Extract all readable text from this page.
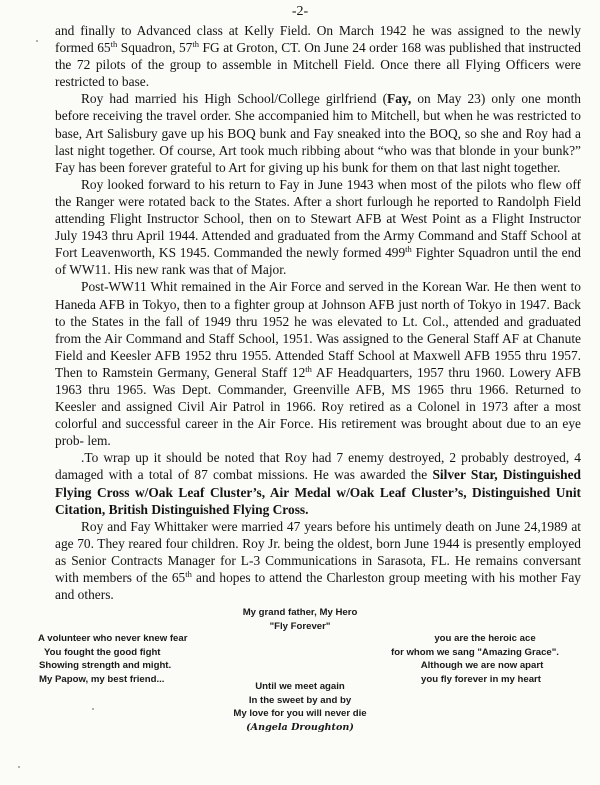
-2-

and finally to Advanced class at Kelly Field. On March 1942 he was assigned to the newly formed 65th Squadron, 57th FG at Groton, CT. On June 24 order 168 was published that instructed the 72 pilots of the group to assemble in Mitchell Field. Once there all Flying Officers were restricted to base.

Roy had married his High School/College girlfriend (Fay, on May 23) only one month before receiving the travel order. She accompanied him to Mitchell, but when he was restricted to base, Art Salisbury gave up his BOQ bunk and Fay sneaked into the BOQ, so she and Roy had a last night together. Of course, Art took much ribbing about “who was that blonde in your bunk?” Fay has been forever grateful to Art for giving up his bunk for them on that last night together.

Roy looked forward to his return to Fay in June 1943 when most of the pilots who flew off the Ranger were rotated back to the States. After a short furlough he reported to Randolph Field attending Flight Instructor School, then on to Stewart AFB at West Point as a Flight Instructor July 1943 thru April 1944. Attended and graduated from the Army Command and Staff School at Fort Leavenworth, KS 1945. Commanded the newly formed 499th Fighter Squadron until the end of WW11. His new rank was that of Major.

Post-WW11 Whit remained in the Air Force and served in the Korean War. He then went to Haneda AFB in Tokyo, then to a fighter group at Johnson AFB just north of Tokyo in 1947. Back to the States in the fall of 1949 thru 1952 he was elevated to Lt. Col., attended and graduated from the Air Command and Staff School, 1951. Was assigned to the General Staff AF at Chanute Field and Keesler AFB 1952 thru 1955. Attended Staff School at Maxwell AFB 1955 thru 1957. Then to Ramstein Germany, General Staff 12th AF Headquarters, 1957 thru 1960. Lowery AFB 1963 thru 1965. Was Dept. Commander, Greenville AFB, MS 1965 thru 1966. Returned to Keesler and assigned Civil Air Patrol in 1966. Roy retired as a Colonel in 1973 after a most colorful and successful career in the Air Force. His retirement was brought about due to an eye prob- lem.

.To wrap up it should be noted that Roy had 7 enemy destroyed, 2 probably destroyed, 4 damaged with a total of 87 combat missions. He was awarded the Silver Star, Distinguished Flying Cross w/Oak Leaf Cluster’s, Air Medal w/Oak Leaf Cluster’s, Distinguished Unit Citation, British Distinguished Flying Cross.

Roy and Fay Whittaker were married 47 years before his untimely death on June 24,1989 at age 70. They reared four children. Roy Jr. being the oldest, born June 1944 is presently employed as Senior Contracts Manager for L-3 Communications in Sarasota, FL. He remains conversant with members of the 65th and hopes to attend the Charleston group meeting with his mother Fay and others.

My grand father, My Hero
"Fly Forever"
A volunteer who never knew fear
You fought the good fight
Showing strength and might.
My Papow, my best friend...
you are the heroic ace
for whom we sang "Amazing Grace".
Although we are now apart
you fly forever in my heart
Until we meet again
In the sweet by and by
My love for you will never die
(Angela Droughton)
